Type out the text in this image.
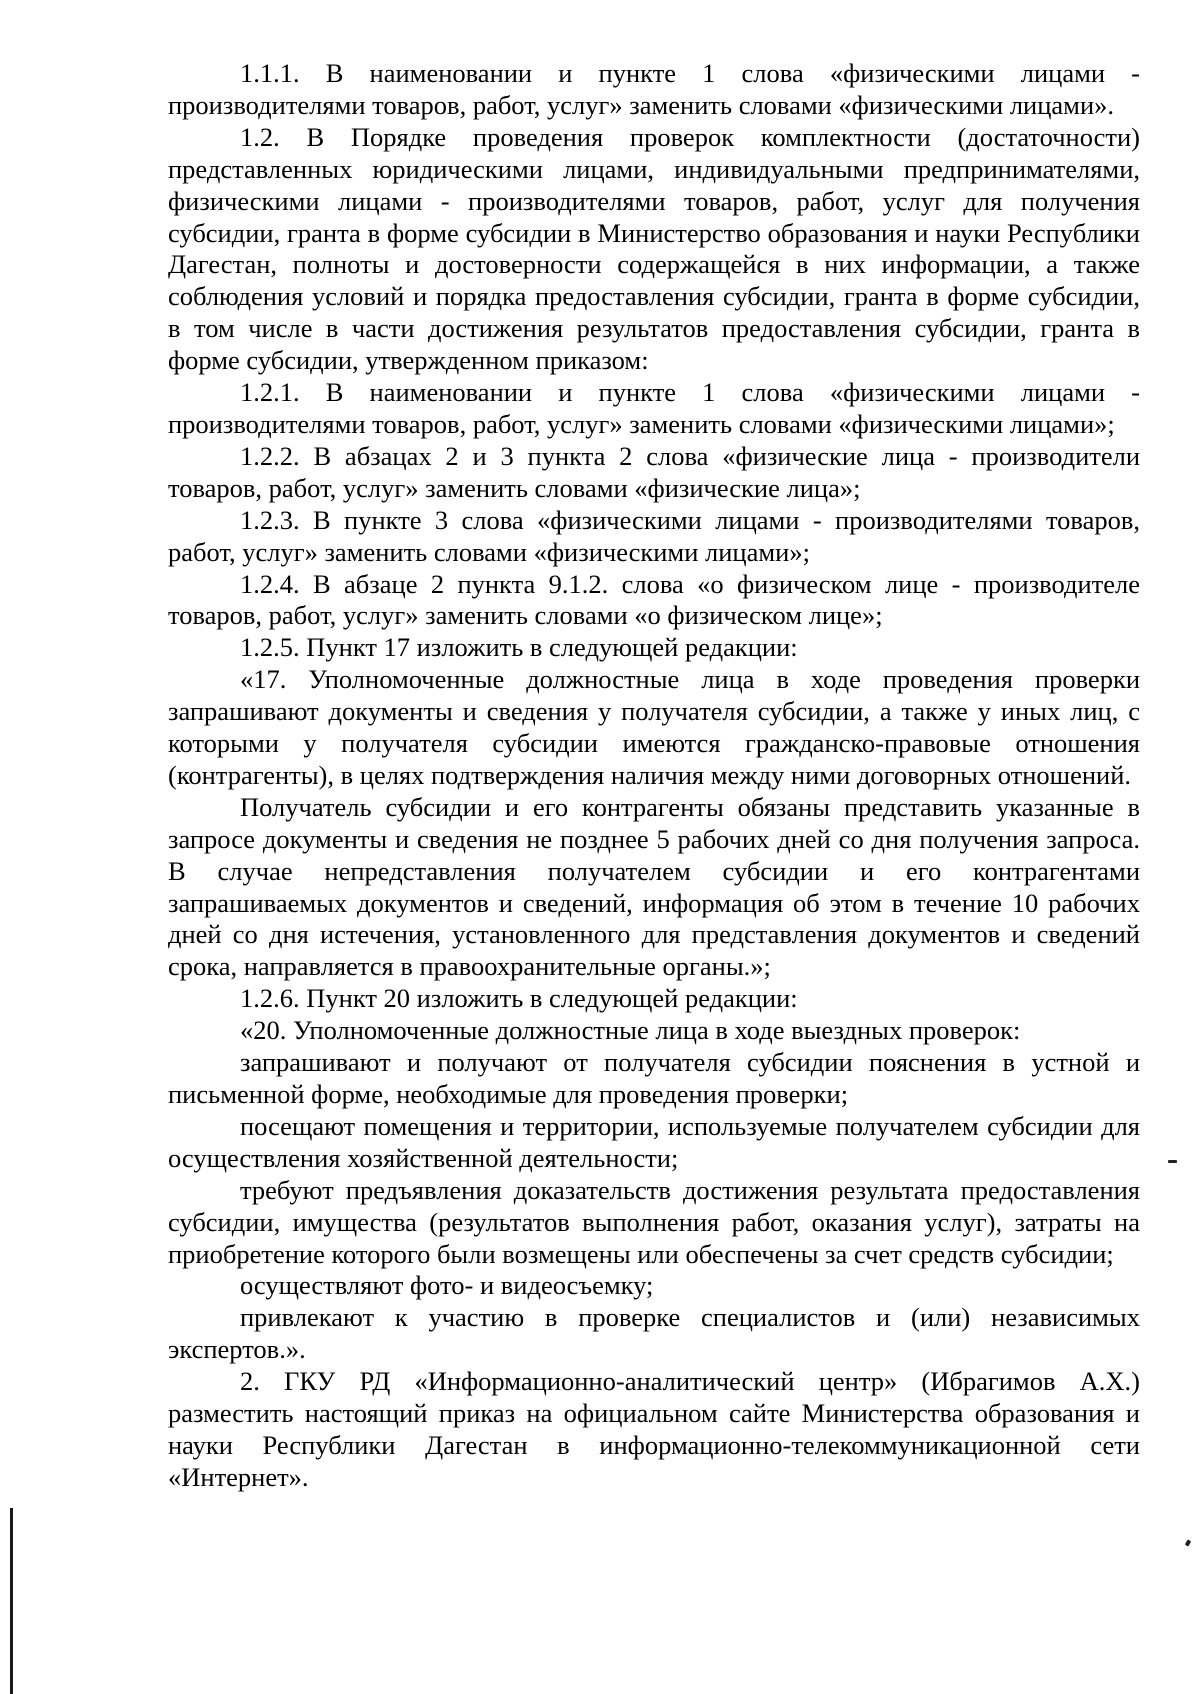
1.1.1. В наименовании и пункте 1 слова «физическими лицами - производителями товаров, работ, услуг» заменить словами «физическими лицами».

1.2. В Порядке проведения проверок комплектности (достаточности) представленных юридическими лицами, индивидуальными предпринимателями, физическими лицами - производителями товаров, работ, услуг для получения субсидии, гранта в форме субсидии в Министерство образования и науки Республики Дагестан, полноты и достоверности содержащейся в них информации, а также соблюдения условий и порядка предоставления субсидии, гранта в форме субсидии, в том числе в части достижения результатов предоставления субсидии, гранта в форме субсидии, утвержденном приказом:

1.2.1. В наименовании и пункте 1 слова «физическими лицами - производителями товаров, работ, услуг» заменить словами «физическими лицами»;

1.2.2. В абзацах 2 и 3 пункта 2 слова «физические лица - производители товаров, работ, услуг» заменить словами «физические лица»;

1.2.3. В пункте 3 слова «физическими лицами - производителями товаров, работ, услуг» заменить словами «физическими лицами»;

1.2.4. В абзаце 2 пункта 9.1.2. слова «о физическом лице - производителе товаров, работ, услуг» заменить словами «о физическом лице»;

1.2.5. Пункт 17 изложить в следующей редакции:

«17. Уполномоченные должностные лица в ходе проведения проверки запрашивают документы и сведения у получателя субсидии, а также у иных лиц, с которыми у получателя субсидии имеются гражданско-правовые отношения (контрагенты), в целях подтверждения наличия между ними договорных отношений.

Получатель субсидии и его контрагенты обязаны представить указанные в запросе документы и сведения не позднее 5 рабочих дней со дня получения запроса. В случае непредставления получателем субсидии и его контрагентами запрашиваемых документов и сведений, информация об этом в течение 10 рабочих дней со дня истечения, установленного для представления документов и сведений срока, направляется в правоохранительные органы.»;

1.2.6. Пункт 20 изложить в следующей редакции:

«20. Уполномоченные должностные лица в ходе выездных проверок:

запрашивают и получают от получателя субсидии пояснения в устной и письменной форме, необходимые для проведения проверки;

посещают помещения и территории, используемые получателем субсидии для осуществления хозяйственной деятельности;

требуют предъявления доказательств достижения результата предоставления субсидии, имущества (результатов выполнения работ, оказания услуг), затраты на приобретение которого были возмещены или обеспечены за счет средств субсидии;

осуществляют фото- и видеосъемку;

привлекают к участию в проверке специалистов и (или) независимых экспертов.».

2. ГКУ РД «Информационно-аналитический центр» (Ибрагимов А.Х.) разместить настоящий приказ на официальном сайте Министерства образования и науки Республики Дагестан в информационно-телекоммуникационной сети «Интернет».
